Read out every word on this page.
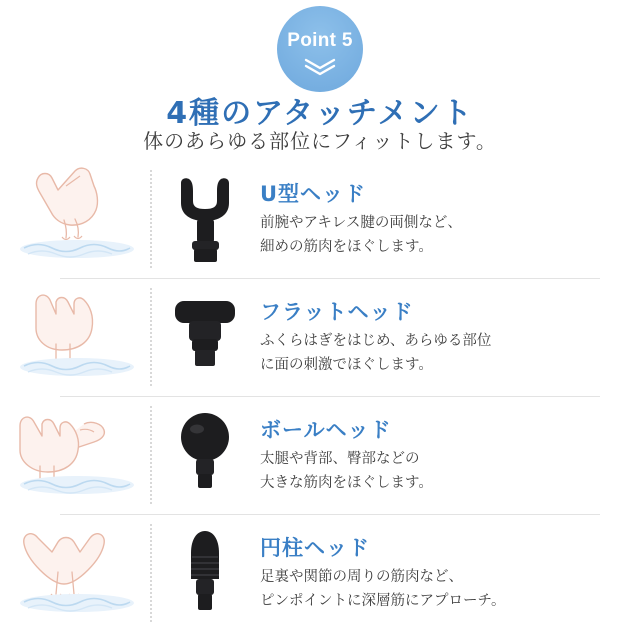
Point 5
4種のアタッチメント
体のあらゆる部位にフィットします。
U型ヘッド
前腕やアキレス腱の両側など、
細めの筋肉をほぐします。
フラットヘッド
ふくらはぎをはじめ、あらゆる部位
に面の刺激でほぐします。
ボールヘッド
太腿や背部、臀部などの
大きな筋肉をほぐします。
円柱ヘッド
足裏や関節の周りの筋肉など、
ピンポイントに深層筋にアプローチ。
